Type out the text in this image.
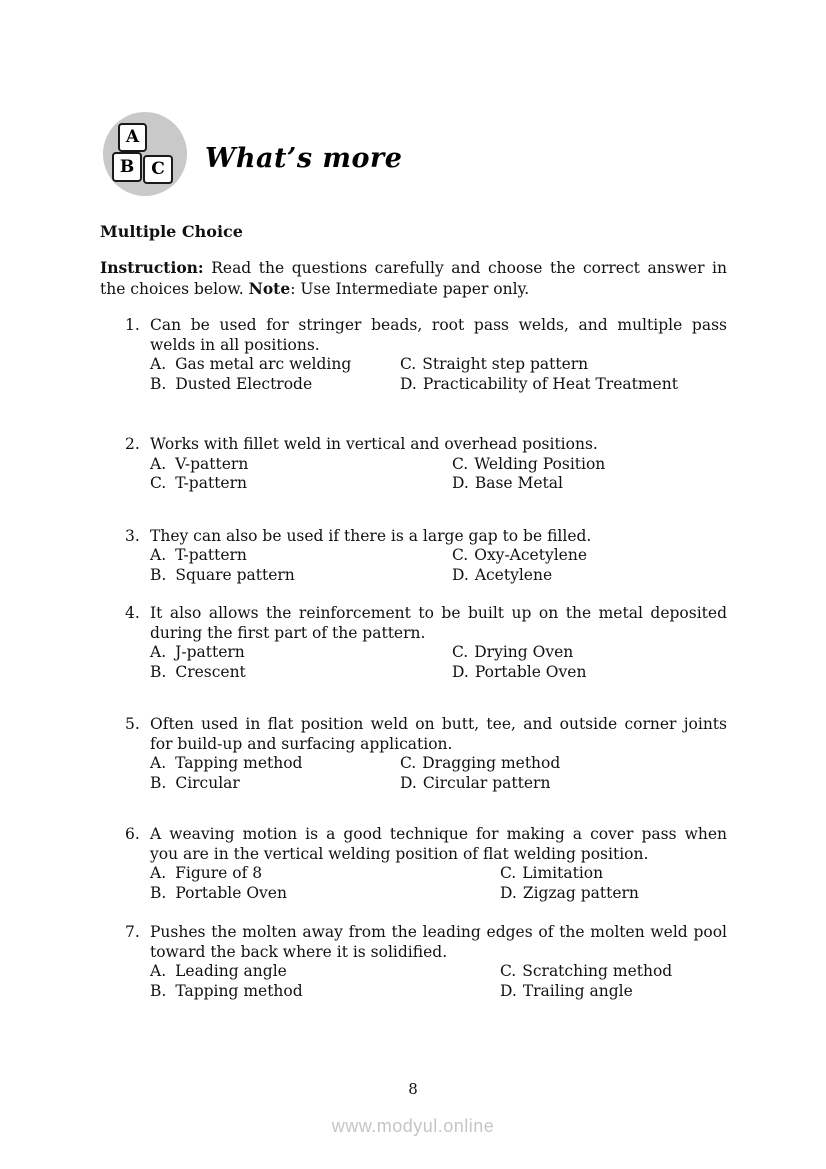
A
B C What’s more

Multiple Choice

Instruction: Read the questions carefully and choose the correct answer in
the choices below. Note: Use Intermediate paper only.
1. Can be used for stringer beads, root pass welds, and multiple pass
welds in all positions.
A. Gas metal arc welding	C. Straight step pattern
B. Dusted Electrode	D. Practicability of Heat Treatment
2. Works with fillet weld in vertical and overhead positions.
A. V-pattern	C. Welding Position
C. T-pattern	D. Base Metal
3. They can also be used if there is a large gap to be filled.
A. T-pattern	C. Oxy-Acetylene
B. Square pattern	D. Acetylene
4. It also allows the reinforcement to be built up on the metal deposited
during the first part of the pattern.
A. J-pattern	C. Drying Oven
B. Crescent	D. Portable Oven
5. Often used in flat position weld on butt, tee, and outside corner joints
for build-up and surfacing application.
A. Tapping method	C. Dragging method
B. Circular	D. Circular pattern
6. A weaving motion is a good technique for making a cover pass when
you are in the vertical welding position of flat welding position.
A. Figure of 8	C. Limitation
B. Portable Oven	D. Zigzag pattern
7. Pushes the molten away from the leading edges of the molten weld pool
toward the back where it is solidified.
A. Leading angle	C. Scratching method
B. Tapping method	D. Trailing angle
8
www.modyul.online
